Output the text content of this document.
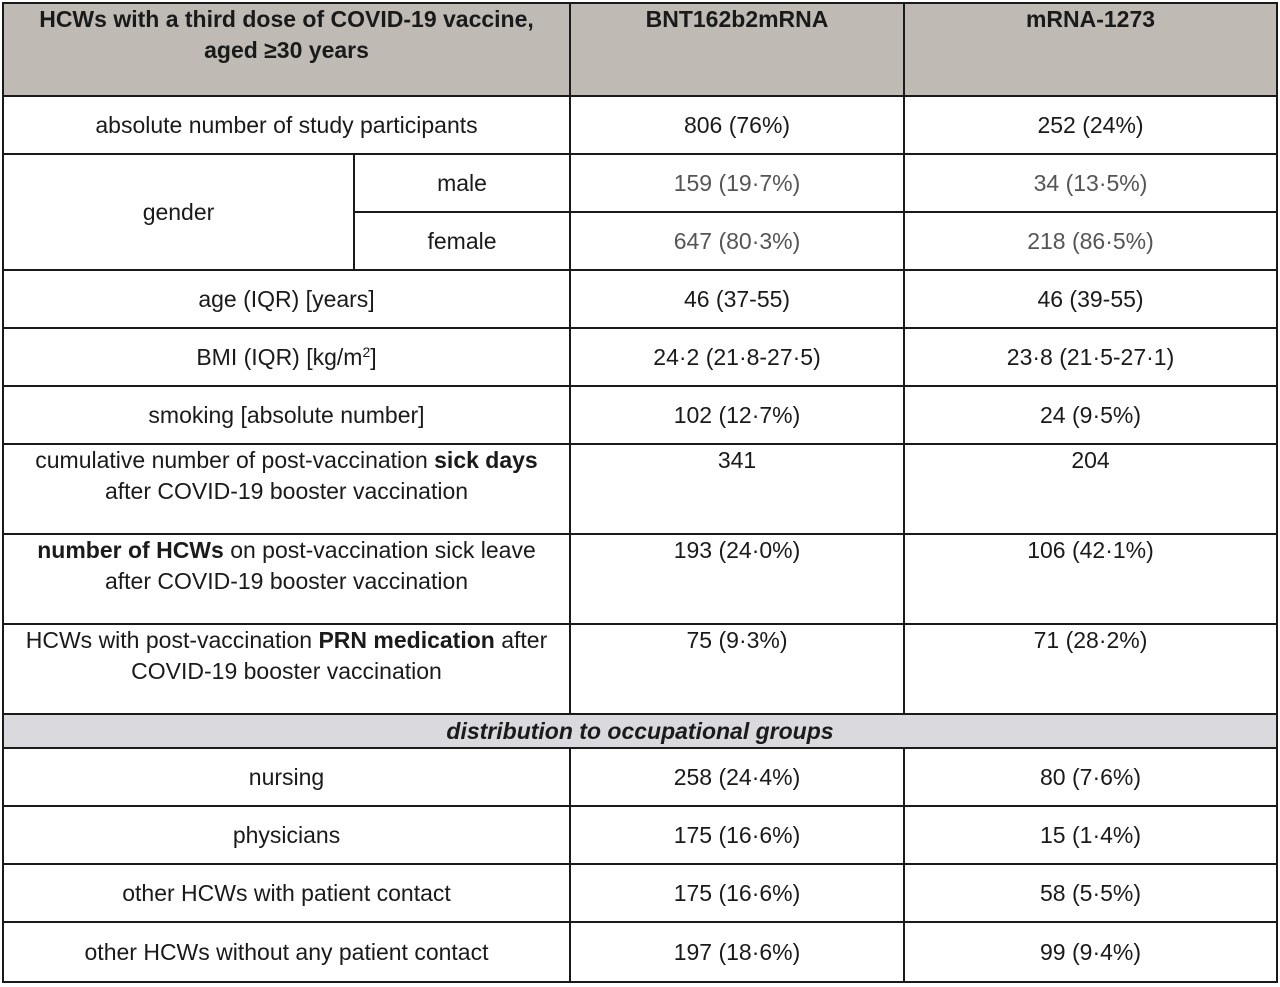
HCWs with a third dose of COVID-19 vaccine, aged ≥30 years		BNT162b2mRNA	mRNA-1273
absolute number of study participants		806 (76%)	252 (24%)
gender	male	159 (19·7%)	34 (13·5%)
	female	647 (80·3%)	218 (86·5%)
age (IQR) [years]		46 (37-55)	46 (39-55)
BMI (IQR) $[kg/m^2]$		24·2 (21·8-27·5)	23·8 (21·5-27·1)
smoking [absolute number]		102 (12·7%)	24 (9·5%)
cumulative number of post-vaccination sick days after COVID-19 booster vaccination		341	204
number of HCWs on post-vaccination sick leave after COVID-19 booster vaccination		193 (24·0%)	106 (42·1%)
HCWs with post-vaccination PRN medication after COVID-19 booster vaccination		75 (9·3%)	71 (28·2%)
distribution to occupational groups			
nursing		258 (24·4%)	80 (7·6%)
physicians		175 (16·6%)	15 (1·4%)
other HCWs with patient contact		175 (16·6%)	58 (5·5%)
other HCWs without any patient contact		197 (18·6%)	99 (9·4%)
